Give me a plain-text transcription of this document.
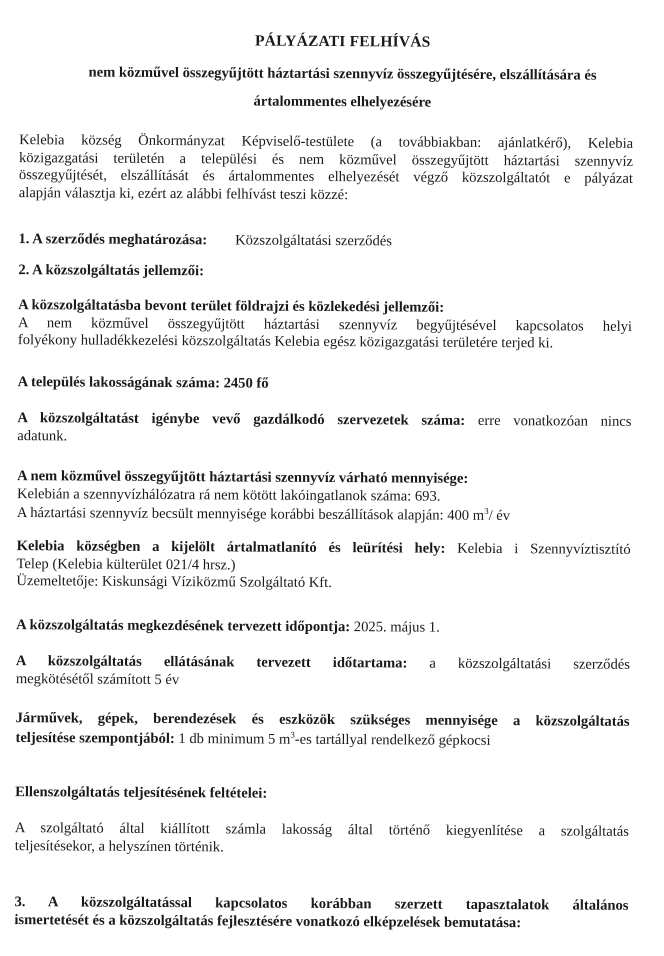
PÁLYÁZATI FELHÍVÁS

nem közművel összegyűjtött háztartási szennyvíz összegyűjtésére, elszállítására és

ártalommentes elhelyezésére

Kelebia község Önkormányzat Képviselő-testülete (a továbbiakban: ajánlatkérő), Kelebia
közigazgatási területén a települési és nem közművel összegyűjtött háztartási szennyvíz
összegyűjtését, elszállítását és ártalommentes elhelyezését végző közszolgáltatót e pályázat
alapján választja ki, ezért az alábbi felhívást teszi közzé:
1. A szerződés meghatározása: Közszolgáltatási szerződés
2. A közszolgáltatás jellemzői:
A közszolgáltatásba bevont terület földrajzi és közlekedési jellemzői:
A nem közművel összegyűjtött háztartási szennyvíz begyűjtésével kapcsolatos helyi
folyékony hulladékkezelési közszolgáltatás Kelebia egész közigazgatási területére terjed ki.
A település lakosságának száma: 2450 fő
A közszolgáltatást igénybe vevő gazdálkodó szervezetek száma: erre vonatkozóan nincs
adatunk.
A nem közművel összegyűjtött háztartási szennyvíz várható mennyisége:
Kelebián a szennyvízhálózatra rá nem kötött lakóingatlanok száma: 693.
A háztartási szennyvíz becsült mennyisége korábbi beszállítások alapján: 400 $m^3/$ év
Kelebia községben a kijelölt ártalmatlanító és leürítési hely: Kelebia i Szennyvíztisztító
Telep (Kelebia külterület 021/4 hrsz.)
Üzemeltetője: Kiskunsági Víziközmű Szolgáltató Kft.
A közszolgáltatás megkezdésének tervezett időpontja: 2025. május 1.
A közszolgáltatás ellátásának tervezett időtartama: a közszolgáltatási szerződés
megkötésétől számított 5 év
Járművek, gépek, berendezések és eszközök szükséges mennyisége a közszolgáltatás
teljesítése szempontjából: 1 db minimum 5 $m^3-es$ tartállyal rendelkező gépkocsi
Ellenszolgáltatás teljesítésének feltételei:
A szolgáltató által kiállított számla lakosság által történő kiegyenlítése a szolgáltatás
teljesítésekor, a helyszínen történik.
3. A közszolgáltatással kapcsolatos korábban szerzett tapasztalatok általános
ismertetését és a közszolgáltatás fejlesztésére vonatkozó elképzelések bemutatása:
